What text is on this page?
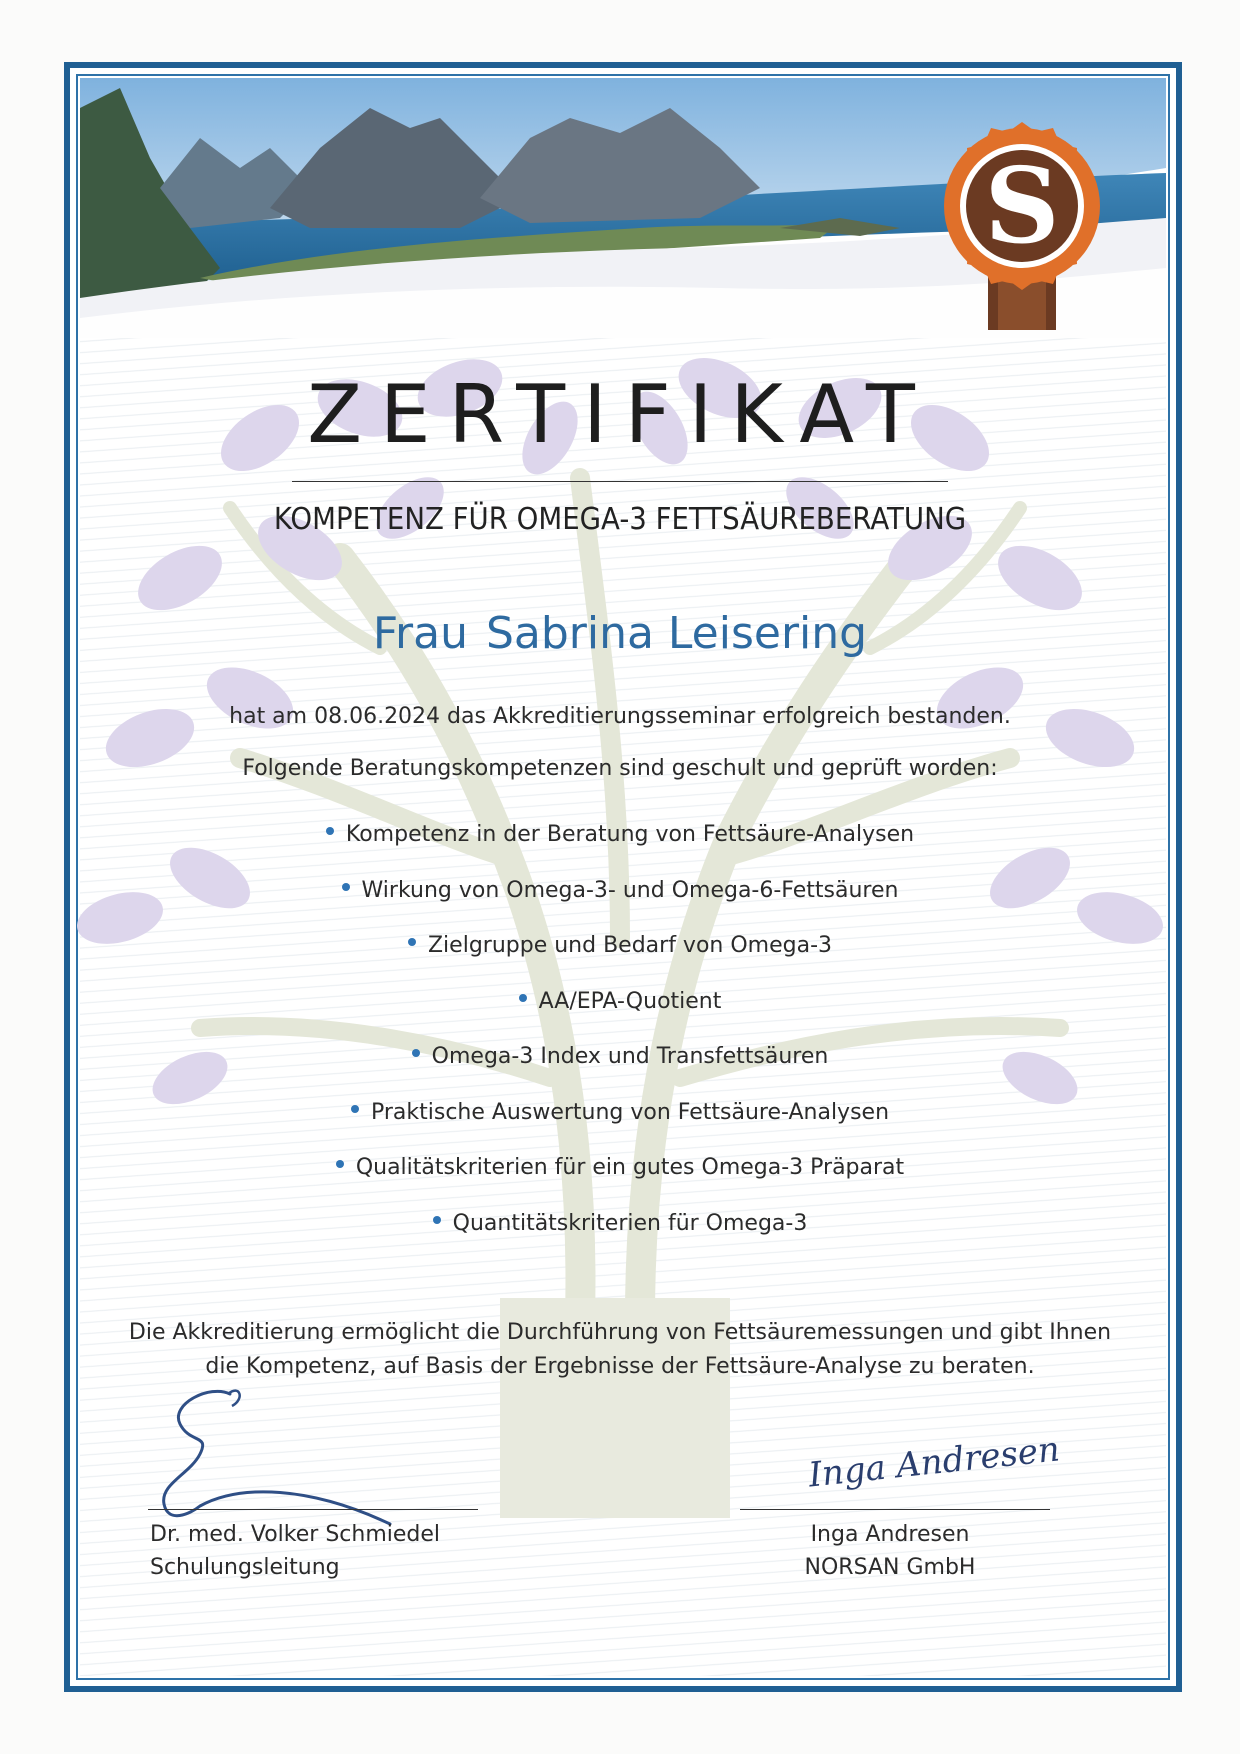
S
ZERTIFIKAT
KOMPETENZ FÜR OMEGA-3 FETTSÄUREBERATUNG
Frau Sabrina Leisering
hat am 08.06.2024 das Akkreditierungsseminar erfolgreich bestanden.
Folgende Beratungskompetenzen sind geschult und geprüft worden:
Kompetenz in der Beratung von Fettsäure-Analysen
Wirkung von Omega-3- und Omega-6-Fettsäuren
Zielgruppe und Bedarf von Omega-3
AA/EPA-Quotient
Omega-3 Index und Transfettsäuren
Praktische Auswertung von Fettsäure-Analysen
Qualitätskriterien für ein gutes Omega-3 Präparat
Quantitätskriterien für Omega-3
Die Akkreditierung ermöglicht die Durchführung von Fettsäuremessungen und gibt Ihnen
die Kompetenz, auf Basis der Ergebnisse der Fettsäure-Analyse zu beraten.
Dr. med. Volker Schmiedel
Schulungsleitung
Inga Andresen
Inga Andresen
NORSAN GmbH
